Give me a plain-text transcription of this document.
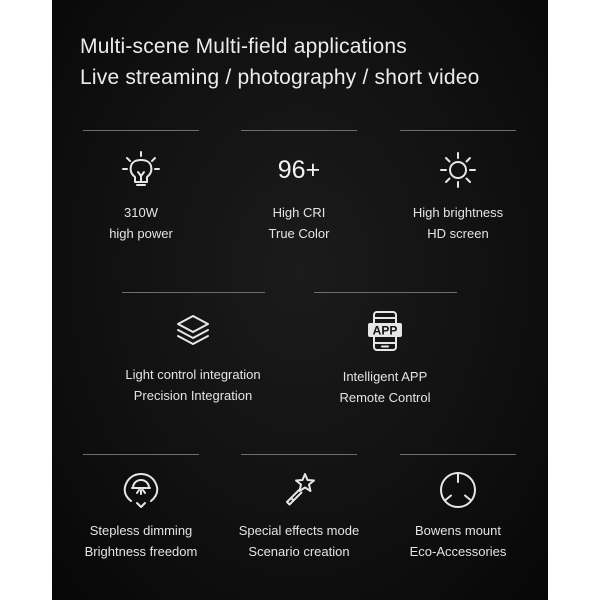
Multi-scene Multi-field applications
Live streaming / photography / short video
310W
high power
96+
High CRI
True Color
High brightness
HD screen
Light control integration
Precision Integration
APP
Intelligent APP
Remote Control
Stepless dimming
Brightness freedom
Special effects mode
Scenario creation
Bowens mount
Eco-Accessories
